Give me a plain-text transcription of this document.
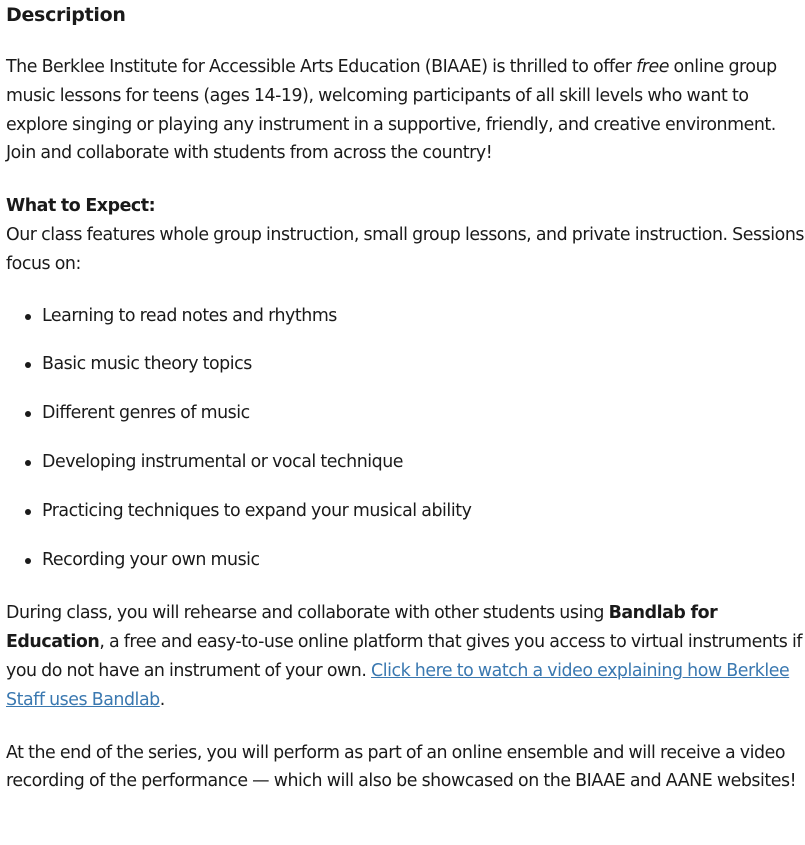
Description

The Berklee Institute for Accessible Arts Education (BIAAE) is thrilled to offer free online group music lessons for teens (ages 14-19), welcoming participants of all skill levels who want to explore singing or playing any instrument in a supportive, friendly, and creative environment. Join and collaborate with students from across the country!

What to Expect:
Our class features whole group instruction, small group lessons, and private instruction. Sessions focus on:
Learning to read notes and rhythms
Basic music theory topics
Different genres of music
Developing instrumental or vocal technique
Practicing techniques to expand your musical ability
Recording your own music

During class, you will rehearse and collaborate with other students using Bandlab for Education, a free and easy-to-use online platform that gives you access to virtual instruments if you do not have an instrument of your own. Click here to watch a video explaining how Berklee Staff uses Bandlab.

At the end of the series, you will perform as part of an online ensemble and will receive a video recording of the performance — which will also be showcased on the BIAAE and AANE websites!
